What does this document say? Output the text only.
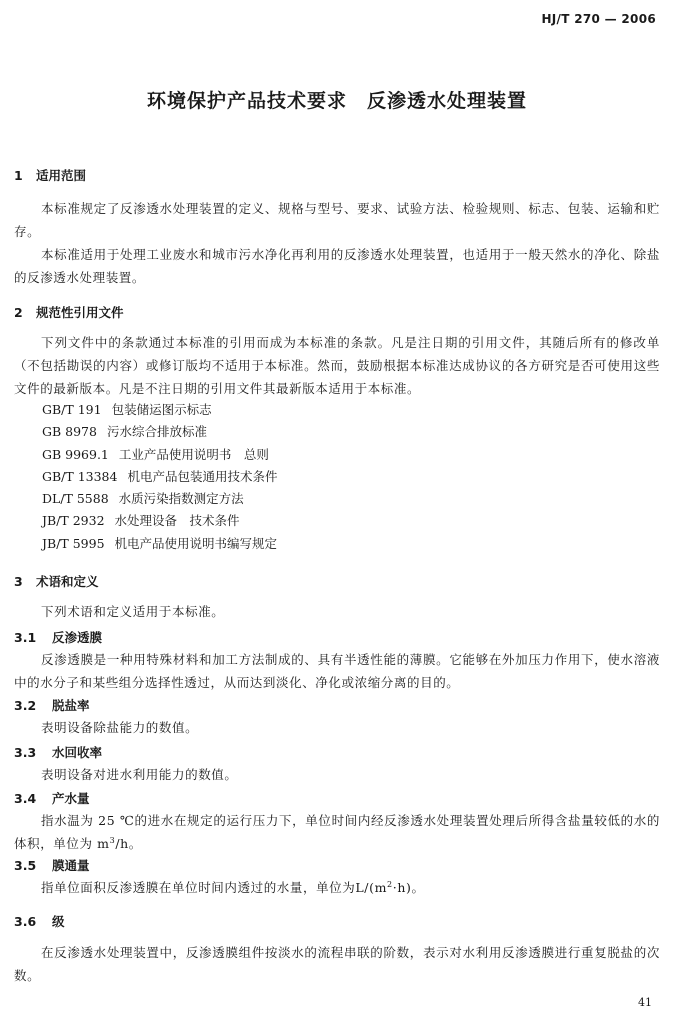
HJ/T 270 — 2006
环境保护产品技术要求　反渗透水处理装置
1 适用范围
本标准规定了反渗透水处理装置的定义、规格与型号、要求、试验方法、检验规则、标志、包装、运输和贮存。
本标准适用于处理工业废水和城市污水净化再利用的反渗透水处理装置，也适用于一般天然水的净化、除盐的反渗透水处理装置。
2 规范性引用文件
下列文件中的条款通过本标准的引用而成为本标准的条款。凡是注日期的引用文件，其随后所有的修改单（不包括勘误的内容）或修订版均不适用于本标准。然而，鼓励根据本标准达成协议的各方研究是否可使用这些文件的最新版本。凡是不注日期的引用文件其最新版本适用于本标准。
GB/T 191 包装储运图示标志
GB 8978 污水综合排放标准
GB 9969.1 工业产品使用说明书　总则
GB/T 13384 机电产品包装通用技术条件
DL/T 5588 水质污染指数测定方法
JB/T 2932 水处理设备　技术条件
JB/T 5995 机电产品使用说明书编写规定
3 术语和定义
下列术语和定义适用于本标准。
3.1 反渗透膜
反渗透膜是一种用特殊材料和加工方法制成的、具有半透性能的薄膜。它能够在外加压力作用下，使水溶液中的水分子和某些组分选择性透过，从而达到淡化、净化或浓缩分离的目的。
3.2 脱盐率
表明设备除盐能力的数值。
3.3 水回收率
表明设备对进水利用能力的数值。
3.4 产水量
指水温为 25 ℃的进水在规定的运行压力下，单位时间内经反渗透水处理装置处理后所得含盐量较低的水的体积，单位为 $m^3/h$。
3.5 膜通量
指单位面积反渗透膜在单位时间内透过的水量，单位为$L/(m^2\cdot h)$。
3.6 级
在反渗透水处理装置中，反渗透膜组件按淡水的流程串联的阶数，表示对水利用反渗透膜进行重复脱盐的次数。
41
